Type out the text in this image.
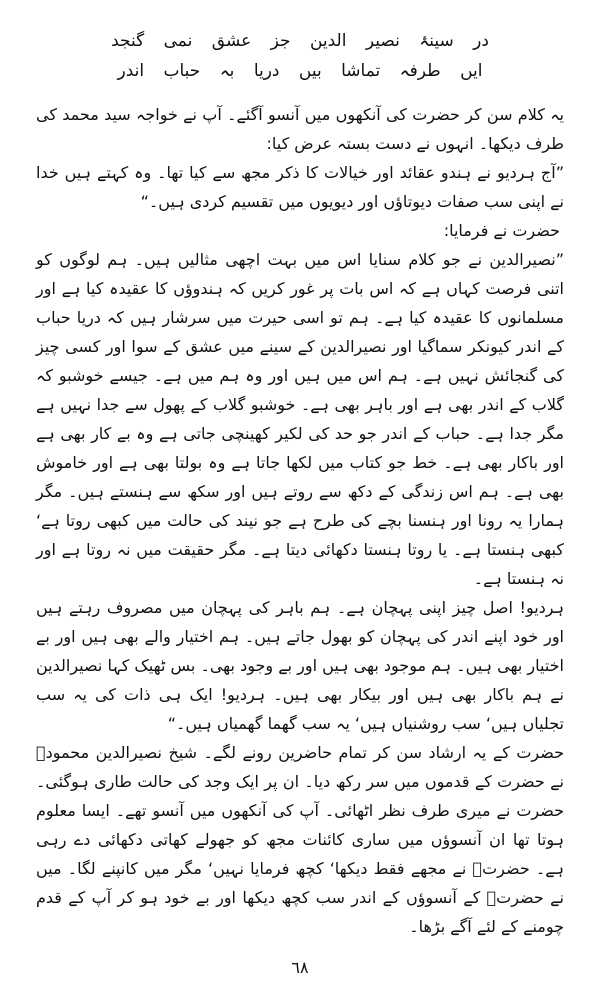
در سینۂ نصیر الدین جز عشق نمی گنجد
ایں طرفہ تماشا بیں دریا بہ حباب اندر

یہ کلام سن کر حضرت کی آنکھوں میں آنسو آگئے۔ آپ نے خواجہ سید محمد کی طرف دیکھا۔ انہوں نے دست بستہ عرض کیا:

”آج ہردیو نے ہندو عقائد اور خیالات کا ذکر مجھ سے کیا تھا۔ وہ کہتے ہیں خدا نے اپنی سب صفات دیوتاؤں اور دیویوں میں تقسیم کردی ہیں۔“

حضرت نے فرمایا:

”نصیرالدین نے جو کلام سنایا اس میں بہت اچھی مثالیں ہیں۔ ہم لوگوں کو اتنی فرصت کہاں ہے کہ اس بات پر غور کریں کہ ہندوؤں کا عقیدہ کیا ہے اور مسلمانوں کا عقیدہ کیا ہے۔ ہم تو اسی حیرت میں سرشار ہیں کہ دریا حباب کے اندر کیونکر سماگیا اور نصیرالدین کے سینے میں عشق کے سوا اور کسی چیز کی گنجائش نہیں ہے۔ ہم اس میں ہیں اور وہ ہم میں ہے۔ جیسے خوشبو کہ گلاب کے اندر بھی ہے اور باہر بھی ہے۔ خوشبو گلاب کے پھول سے جدا نہیں ہے مگر جدا ہے۔ حباب کے اندر جو حد کی لکیر کھینچی جاتی ہے وہ بے کار بھی ہے اور باکار بھی ہے۔ خط جو کتاب میں لکھا جاتا ہے وہ بولتا بھی ہے اور خاموش بھی ہے۔ ہم اس زندگی کے دکھ سے روتے ہیں اور سکھ سے ہنستے ہیں۔ مگر ہمارا یہ رونا اور ہنسنا بچے کی طرح ہے جو نیند کی حالت میں کبھی روتا ہے‘ کبھی ہنستا ہے۔ یا روتا ہنستا دکھائی دیتا ہے۔ مگر حقیقت میں نہ روتا ہے اور نہ ہنستا ہے۔

ہردیو! اصل چیز اپنی پہچان ہے۔ ہم باہر کی پہچان میں مصروف رہتے ہیں اور خود اپنے اندر کی پہچان کو بھول جاتے ہیں۔ ہم اختیار والے بھی ہیں اور بے اختیار بھی ہیں۔ ہم موجود بھی ہیں اور بے وجود بھی۔ بس ٹھیک کہا نصیرالدین نے ہم باکار بھی ہیں اور بیکار بھی ہیں۔ ہردیو! ایک ہی ذات کی یہ سب تجلیاں ہیں‘ سب روشنیاں ہیں‘ یہ سب گھما گھمیاں ہیں۔“

حضرت کے یہ ارشاد سن کر تمام حاضرین رونے لگے۔ شیخ نصیرالدین محمودؒ نے حضرت کے قدموں میں سر رکھ دیا۔ ان پر ایک وجد کی حالت طاری ہوگئی۔ حضرت نے میری طرف نظر اٹھائی۔ آپ کی آنکھوں میں آنسو تھے۔ ایسا معلوم ہوتا تھا ان آنسوؤں میں ساری کائنات مجھ کو جھولے کھاتی دکھائی دے رہی ہے۔ حضرتؒ نے مجھے فقط دیکھا‘ کچھ فرمایا نہیں‘ مگر میں کانپنے لگا۔ میں نے حضرتؒ کے آنسوؤں کے اندر سب کچھ دیکھا اور بے خود ہو کر آپ کے قدم چومنے کے لئے آگے بڑھا۔

٦٨
